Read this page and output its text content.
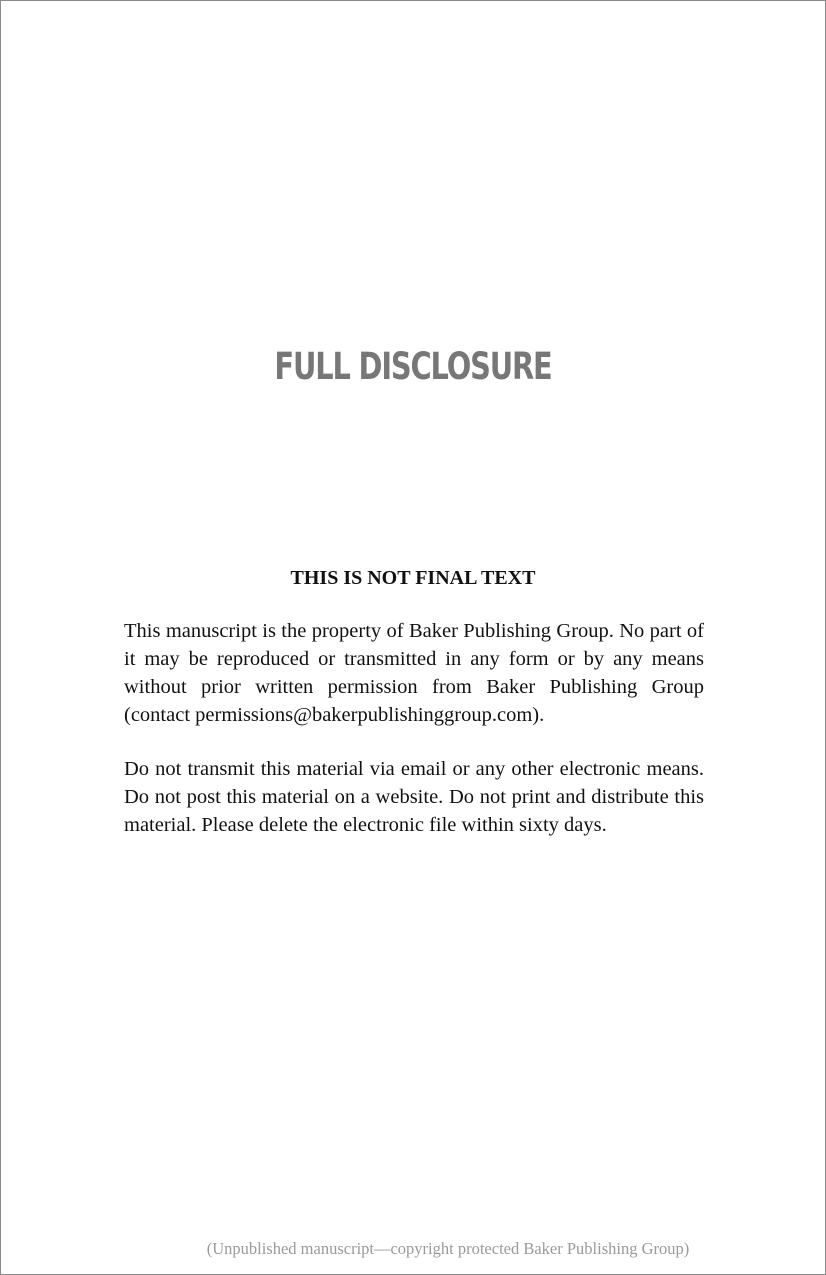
FULL DISCLOSURE
THIS IS NOT FINAL TEXT
This manuscript is the property of Baker Publishing Group. No part of it may be reproduced or transmitted in any form or by any means without prior written permission from Baker Publishing Group (contact permissions@bakerpublishinggroup.com).
Do not transmit this material via email or any other electronic means. Do not post this material on a website. Do not print and distribute this material. Please delete the electronic file within sixty days.
(Unpublished manuscript—copyright protected Baker Publishing Group)
